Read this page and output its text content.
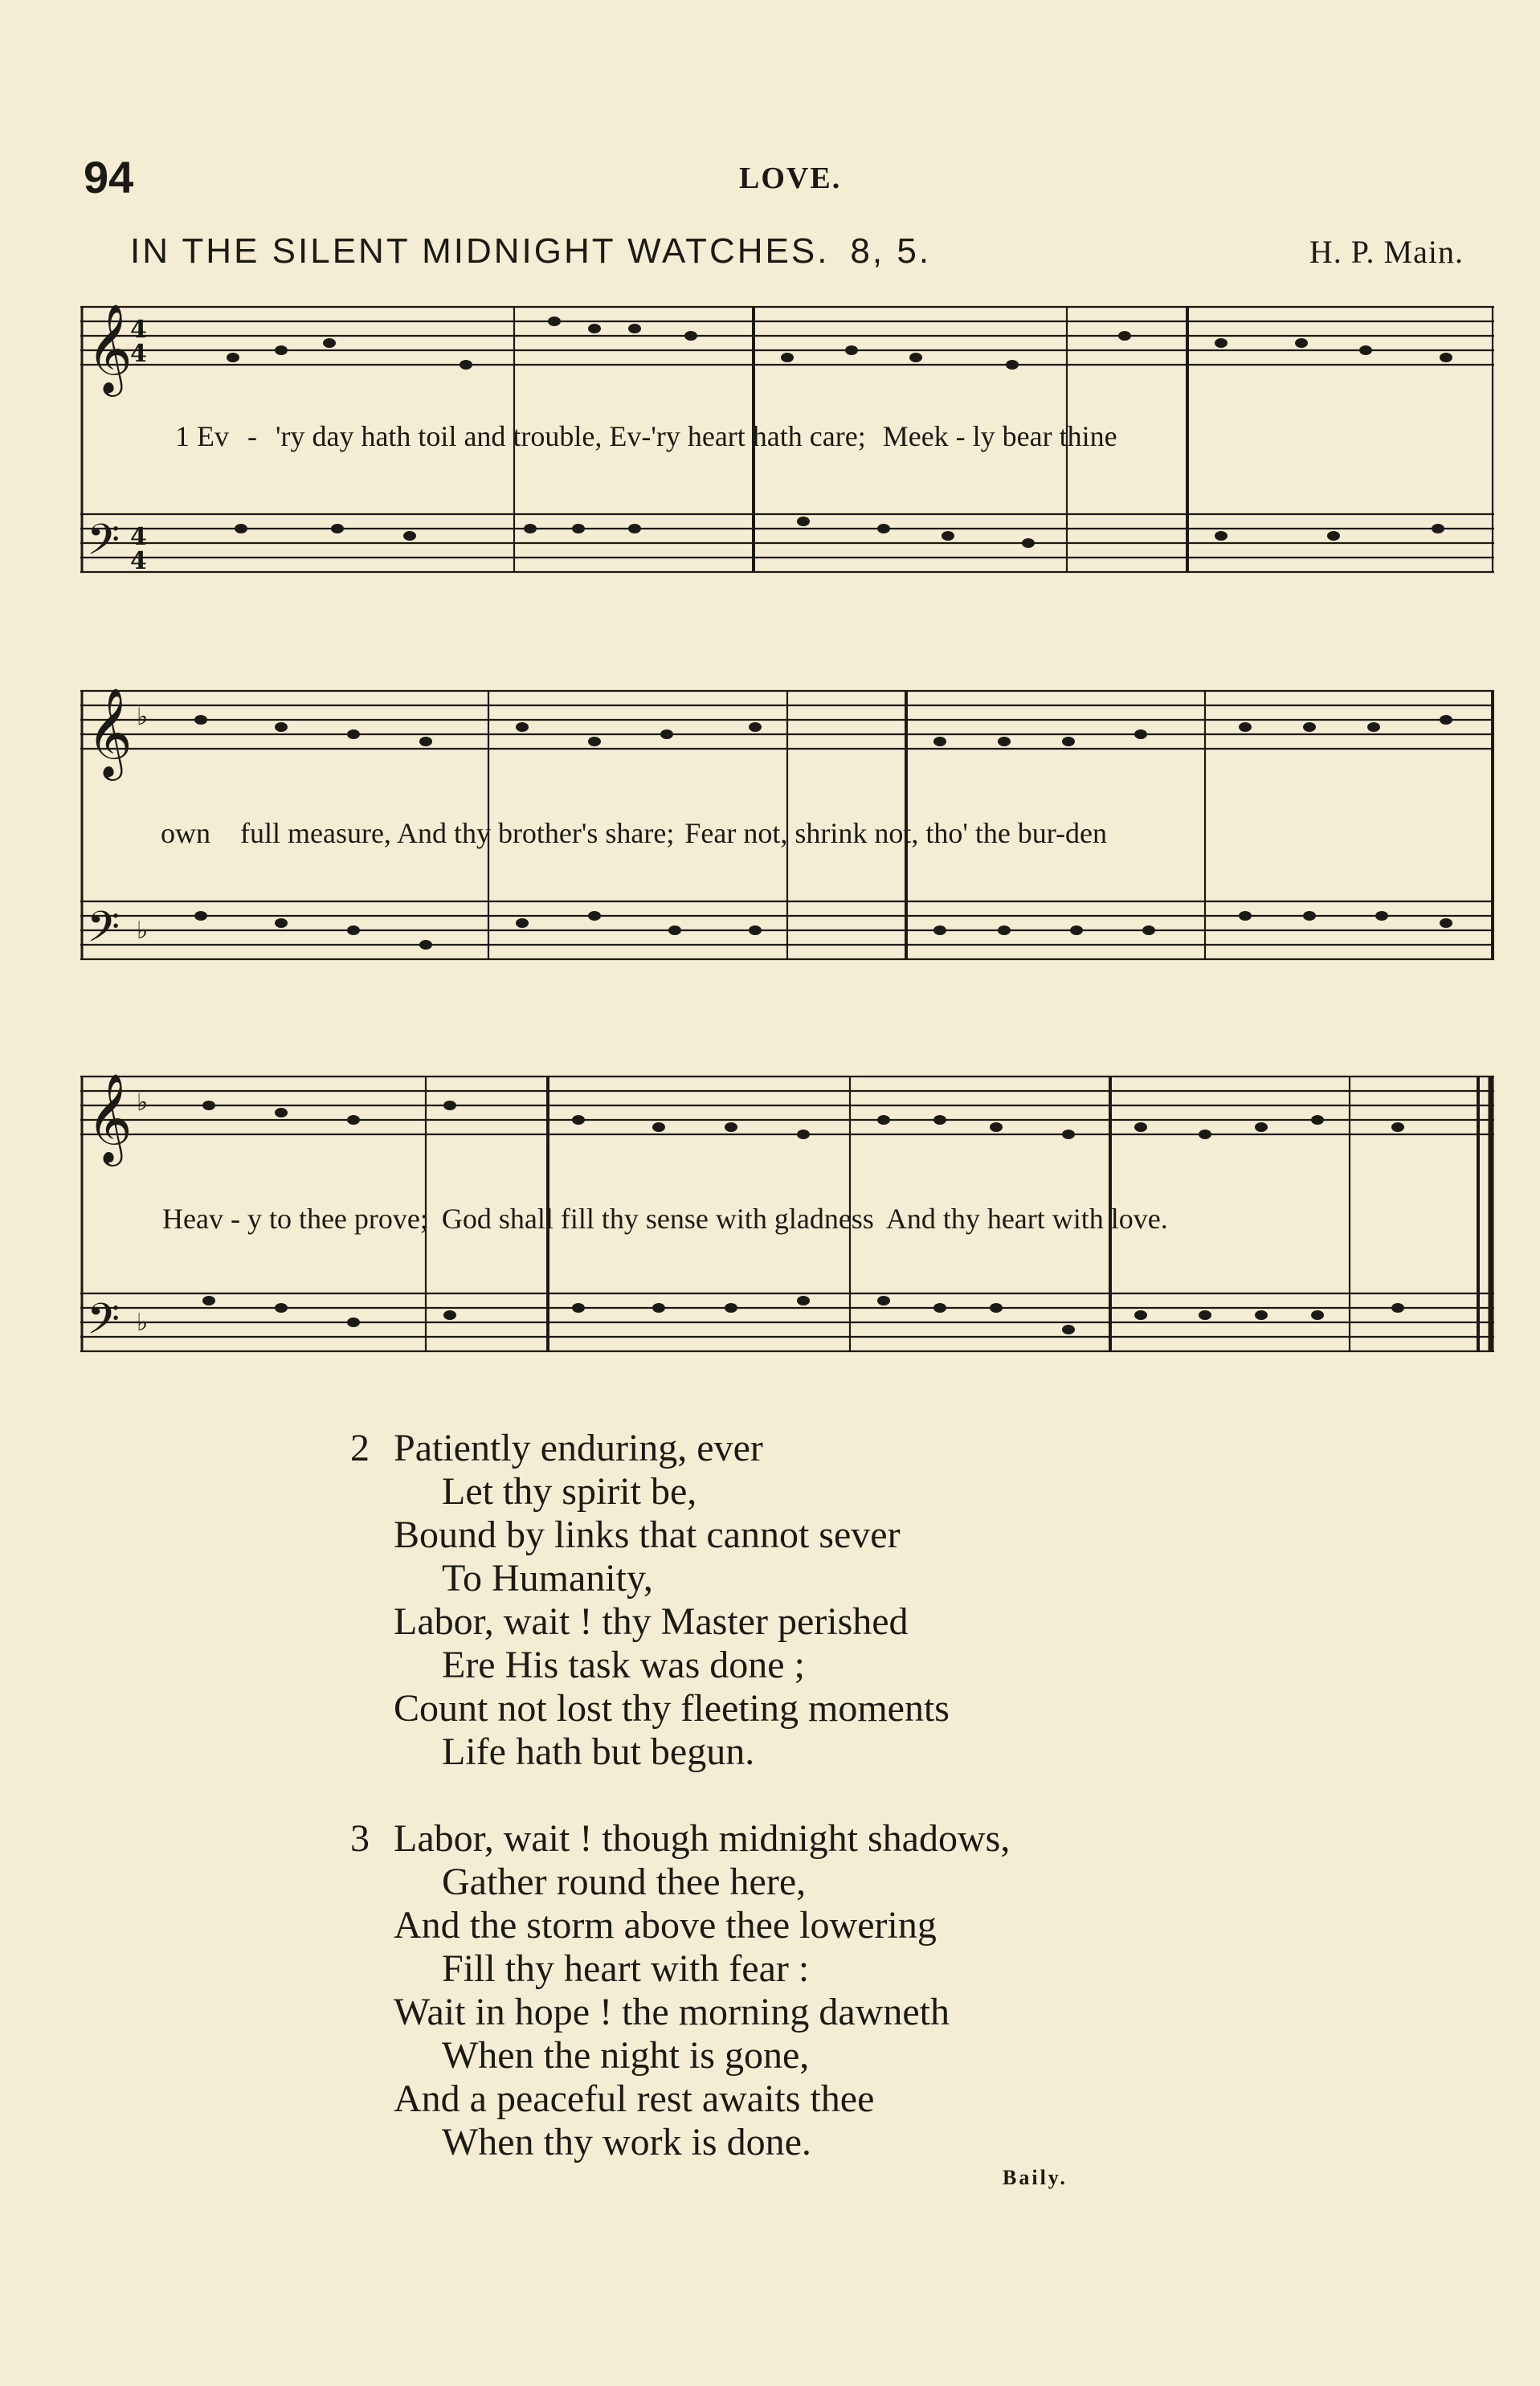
94	LOVE.
IN THE SILENT MIDNIGHT WATCHES. 8, 5.	H. P. Main.
𝄞
𝄢
4
4
4
4
1 Ev - 'ry day hath toil and trouble, Ev-'ry heart hath care; Meek - ly bear thine
𝄞
𝄢
♭
♭
own full measure, And thy brother's share; Fear not, shrink not, tho' the bur-den
𝄞
𝄢
♭
♭
Heav - y to thee prove; God shall fill thy sense with gladness And thy heart with love.
2 Patiently enduring, ever
Let thy spirit be,
Bound by links that cannot sever
To Humanity,
Labor, wait ! thy Master perished
Ere His task was done ;
Count not lost thy fleeting moments
Life hath but begun.
3 Labor, wait ! though midnight shadows,
Gather round thee here,
And the storm above thee lowering
Fill thy heart with fear :
Wait in hope ! the morning dawneth
When the night is gone,
And a peaceful rest awaits thee
When thy work is done.
Baily.
